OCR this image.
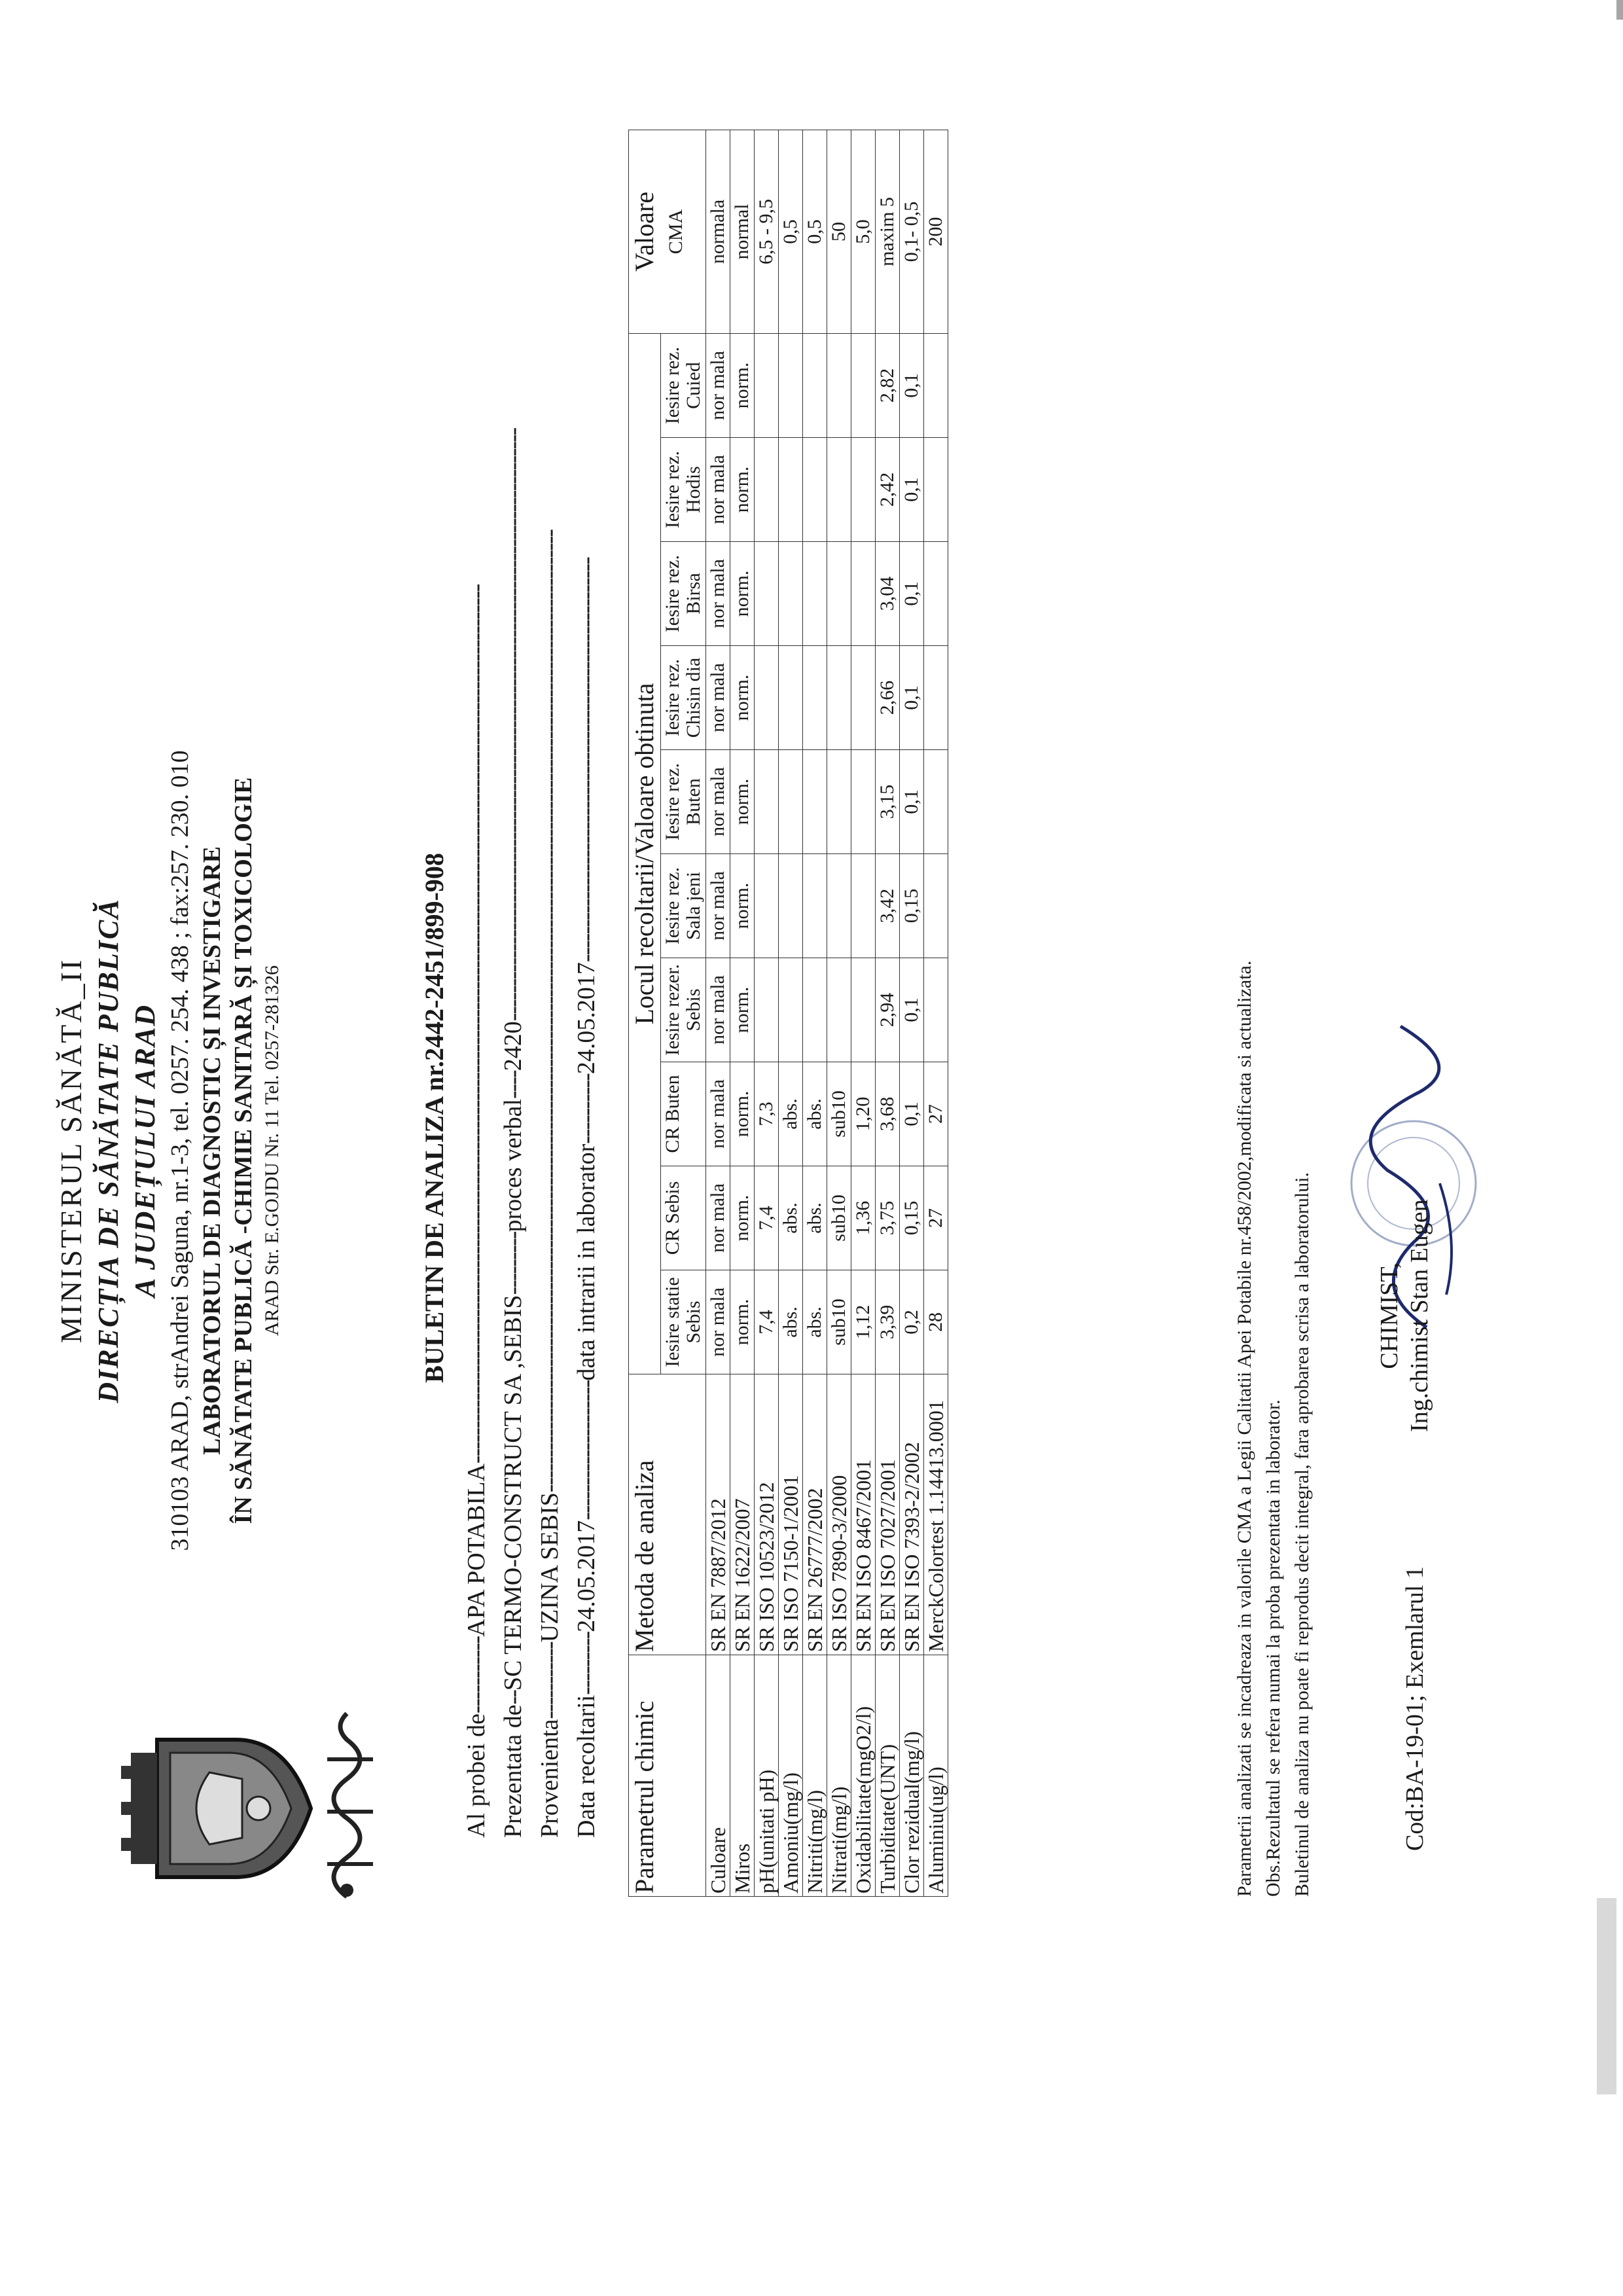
MINISTERUL SĂNĂTĂ_II DIRECȚIA DE SĂNĂTATE PUBLICĂ A JUDEȚULUI ARAD 310103 ARAD, strAndrei Saguna, nr.1-3, tel. 0257. 254. 438 ; fax:257. 230. 010 LABORATORUL DE DIAGNOSTIC ȘI INVESTIGARE ÎN SĂNĂTATE PUBLICĂ -CHIMIE SANITARĂ ȘI TOXICOLOGIE ARAD Str. E.GOJDU Nr. 11 Tel. 0257-281326	BULETIN DE ANALIZA nr.2442-2451/899-908
Al probei de-----------APA POTABILA------------------------------------------------------------------------------------------------------------------------------
Prezentata de--SC TERMO-CONSTRUCT SA ,SEBIS---------proces verbal----2420-------------------------------------------------------------------------------------
Provenienta-----------UZINA SEBIS------------------------------------------------------------------------------------------------------------------------------------------
Data recoltarii---------24.05.2017--------------------data intrarii in laborator----------24.05.2017----------------------------------------------------------
Parametrul chimic	Metoda de analiza	Locul recoltarii/Valoare obtinuta										Valoare CMA
		Iesire statie Sebis	CR Sebis	CR Buten	Iesire rezer. Sebis	Iesire rez. Sala jeni	Iesire rez. Buten	Iesire rez. Chisin dia	Iesire rez. Birsa	Iesire rez. Hodis	Iesire rez. Cuied	
Culoare	SR EN 7887/2012	nor mala	nor mala	nor mala	nor mala	nor mala	nor mala	nor mala	nor mala	nor mala	nor mala	normala
Miros	SR EN 1622/2007	norm.	norm.	norm.	norm.	norm.	norm.	norm.	norm.	norm.	norm.	normal
pH(unitati pH)	SR ISO 10523/2012	7,4	7,4	7,3								6,5 - 9,5
Amoniu(mg/l)	SR ISO 7150-1/2001	abs.	abs.	abs.								0,5
Nitriti(mg/l)	SR EN 26777/2002	abs.	abs.	abs.								0,5
Nitrati(mg/l)	SR ISO 7890-3/2000	sub10	sub10	sub10								50
Oxidabilitate(mgO2/l)	SR EN ISO 8467/2001	1,12	1,36	1,20								5,0
Turbiditate(UNT)	SR EN ISO 7027/2001	3,39	3,75	3,68	2,94	3,42	3,15	2,66	3,04	2,42	2,82	maxim 5
Clor rezidual(mg/l)	SR EN ISO 7393-2/2002	0,2	0,15	0,1	0,1	0,15	0,1	0,1	0,1	0,1	0,1	0,1- 0,5
Aluminiu(ug/l)	MerckColortest 1.14413.0001	28	27	27								200
Parametrii analizati se incadreaza in valorile CMA a Legii Calitatii Apei Potabile nr.458/2002,modificata si actualizata. Obs.Rezultatul se refera numai la proba prezentata in laborator. Buletinul de analiza nu poate fi reprodus decit integral, fara aprobarea scrisa a laboratorului.	CHIMIST, Ing.chimist Stan Eugen
Cod:BA-19-01; Exemlarul 1
